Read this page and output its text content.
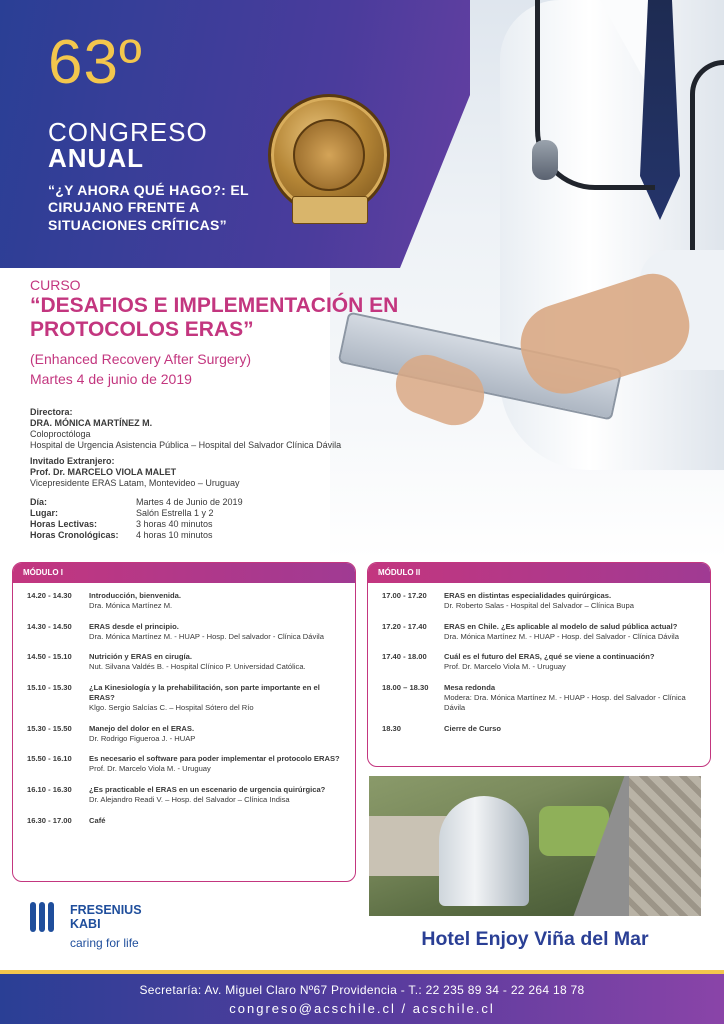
63º
CONGRESO
ANUAL
“¿Y AHORA QUÉ HAGO?: EL CIRUJANO FRENTE A SITUACIONES CRÍTICAS”
CURSO
“DESAFIOS E IMPLEMENTACIÓN EN PROTOCOLOS ERAS”
(Enhanced Recovery After Surgery)
Martes 4 de junio de 2019
Directora:
DRA. MÓNICA MARTÍNEZ M.
Coloproctóloga
Hospital de Urgencia Asistencia Pública – Hospital del Salvador Clínica Dávila
Invitado Extranjero:
Prof. Dr. MARCELO VIOLA MALET
Vicepresidente ERAS Latam, Montevideo – Uruguay
Día:	Martes 4 de Junio de 2019
Lugar:	Salón Estrella 1 y 2
Horas Lectivas:	3 horas 40 minutos
Horas Cronológicas:	4 horas 10 minutos
MÓDULO I
14.20 - 14.30	Introducción, bienvenida.
Dra. Mónica Martínez M.
14.30 - 14.50	ERAS desde el principio.
Dra. Mónica Martínez M. - HUAP - Hosp. Del salvador - Clínica Dávila
14.50 - 15.10	Nutrición y ERAS en cirugía.
Nut. Silvana Valdés B. - Hospital Clínico P. Universidad Católica.
15.10 - 15.30	¿La Kinesiología y la prehabilitación, son parte importante en el ERAS?
Klgo. Sergio Salcías C. – Hospital Sótero del Río
15.30 - 15.50	Manejo del dolor en el ERAS.
Dr. Rodrigo Figueroa J. - HUAP
15.50 - 16.10	Es necesario el software para poder implementar el protocolo ERAS?
Prof. Dr. Marcelo Viola M. - Uruguay
16.10 - 16.30	¿Es practicable el ERAS en un escenario de urgencia quirúrgica?
Dr. Alejandro Readi V. – Hosp. del Salvador – Clínica Indisa
16.30 - 17.00	Café
MÓDULO II
17.00 - 17.20	ERAS en distintas especialidades quirúrgicas.
Dr. Roberto Salas - Hospital del Salvador – Clínica Bupa
17.20 - 17.40	ERAS en Chile. ¿Es aplicable al modelo de salud pública actual?
Dra. Mónica Martínez M. - HUAP - Hosp. del Salvador - Clínica Dávila
17.40 - 18.00	Cuál es el futuro del ERAS, ¿qué se viene a continuación?
Prof. Dr. Marcelo Viola M. - Uruguay
18.00 – 18.30	Mesa redonda
Modera: Dra. Mónica Martínez M. - HUAP - Hosp. del Salvador - Clínica Dávila
18.30	Cierre de Curso
Hotel Enjoy Viña del Mar
FRESENIUS
KABI
caring for life
Secretaría: Av. Miguel Claro Nº67 Providencia - T.: 22 235 89 34 - 22 264 18 78
congreso@acschile.cl / acschile.cl
